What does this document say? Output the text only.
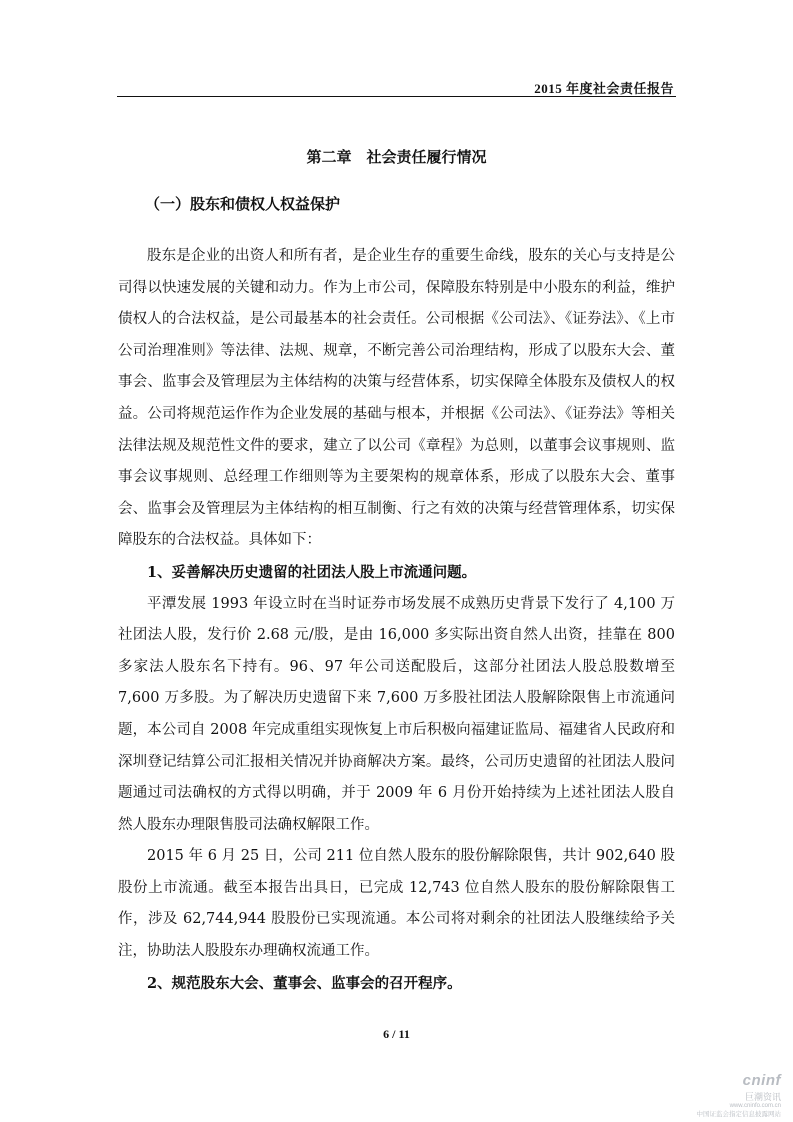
2015 年度社会责任报告
第二章　社会责任履行情况
（一）股东和债权人权益保护

股东是企业的出资人和所有者，是企业生存的重要生命线，股东的关心与支持是公司得以快速发展的关键和动力。作为上市公司，保障股东特别是中小股东的利益，维护债权人的合法权益，是公司最基本的社会责任。公司根据《公司法》、《证券法》、《上市公司治理准则》等法律、法规、规章，不断完善公司治理结构，形成了以股东大会、董事会、监事会及管理层为主体结构的决策与经营体系，切实保障全体股东及债权人的权益。公司将规范运作作为企业发展的基础与根本，并根据《公司法》、《证券法》等相关法律法规及规范性文件的要求，建立了以公司《章程》为总则，以董事会议事规则、监事会议事规则、总经理工作细则等为主要架构的规章体系，形成了以股东大会、董事会、监事会及管理层为主体结构的相互制衡、行之有效的决策与经营管理体系，切实保障股东的合法权益。具体如下：

1、妥善解决历史遗留的社团法人股上市流通问题。

平潭发展 1993 年设立时在当时证券市场发展不成熟历史背景下发行了 4,100 万社团法人股，发行价 2.68 元/股，是由 16,000 多实际出资自然人出资，挂靠在 800 多家法人股东名下持有。96、97 年公司送配股后，这部分社团法人股总股数增至 7,600 万多股。为了解决历史遗留下来 7,600 万多股社团法人股解除限售上市流通问题，本公司自 2008 年完成重组实现恢复上市后积极向福建证监局、福建省人民政府和深圳登记结算公司汇报相关情况并协商解决方案。最终，公司历史遗留的社团法人股问题通过司法确权的方式得以明确，并于 2009 年 6 月份开始持续为上述社团法人股自然人股东办理限售股司法确权解限工作。

2015 年 6 月 25 日，公司 211 位自然人股东的股份解除限售，共计 902,640 股股份上市流通。截至本报告出具日，已完成 12,743 位自然人股东的股份解除限售工作，涉及 62,744,944 股股份已实现流通。本公司将对剩余的社团法人股继续给予关注，协助法人股股东办理确权流通工作。

2、规范股东大会、董事会、监事会的召开程序。

6 / 11
cninf
巨潮资讯
www.cninfo.com.cn
中国证监会指定信息披露网站
